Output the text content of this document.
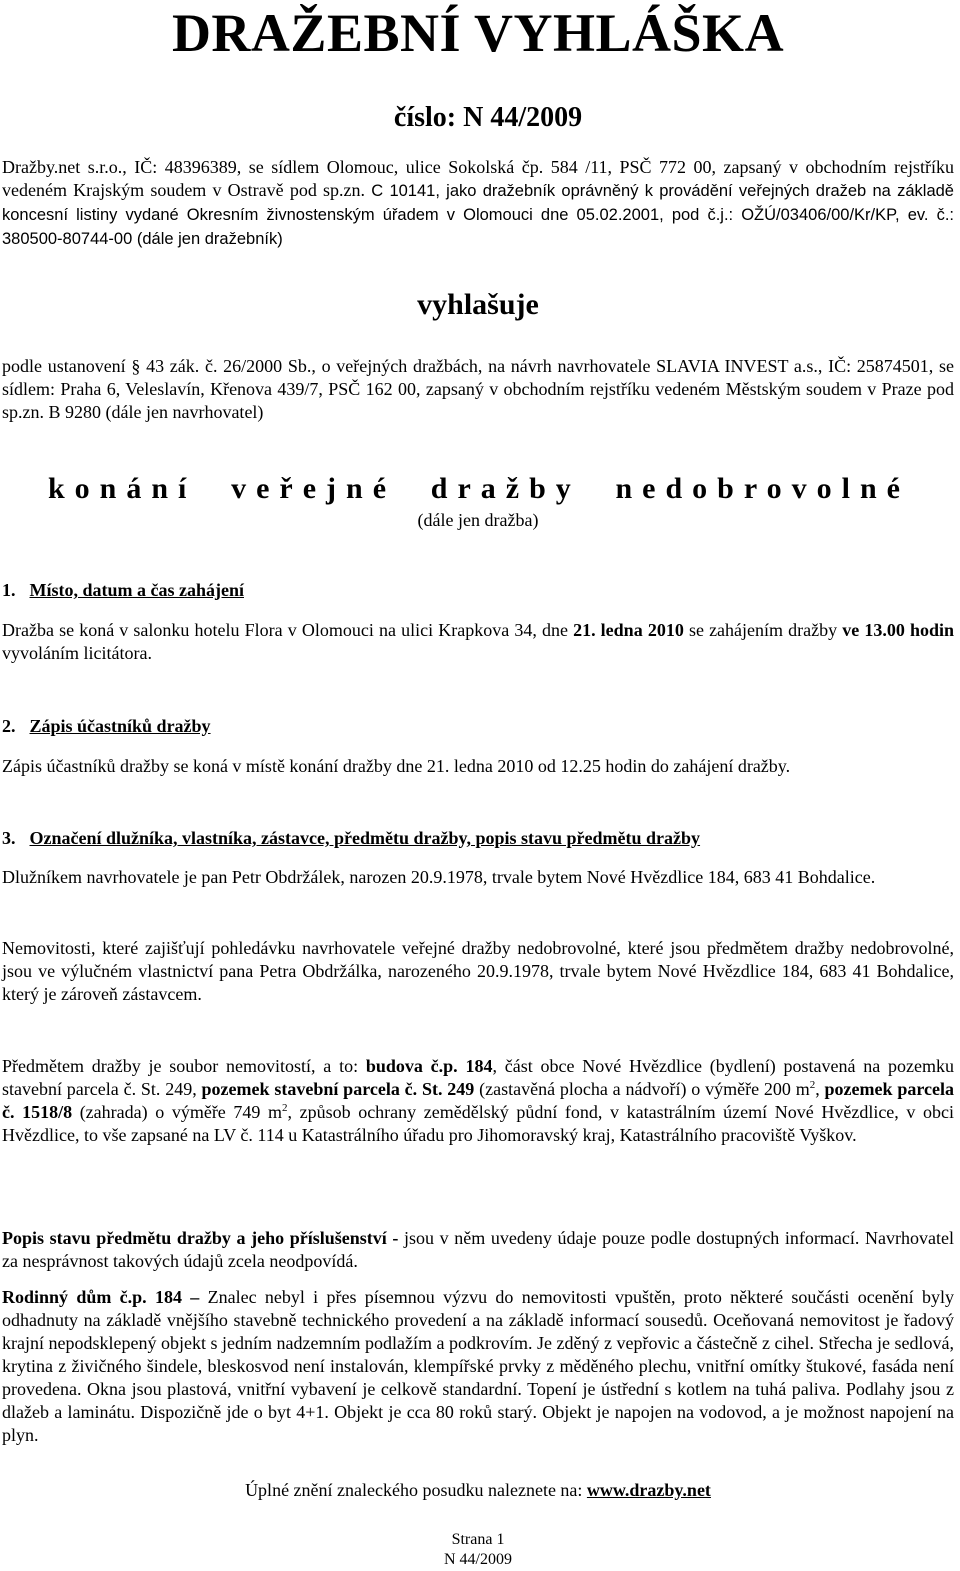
DRAŽEBNÍ VYHLÁŠKA
číslo: N 44/2009
Dražby.net s.r.o., IČ: 48396389, se sídlem Olomouc, ulice Sokolská čp. 584 /11, PSČ 772 00, zapsaný v obchodním rejstříku vedeném Krajským soudem v Ostravě pod sp.zn. C 10141, jako dražebník oprávněný k provádění veřejných dražeb na základě koncesní listiny vydané Okresním živnostenským úřadem v Olomouci dne 05.02.2001, pod č.j.: OŽÚ/03406/00/Kr/KP, ev. č.: 380500-80744-00 (dále jen dražebník)
vyhlašuje
podle ustanovení § 43 zák. č. 26/2000 Sb., o veřejných dražbách, na návrh navrhovatele SLAVIA INVEST a.s., IČ: 25874501, se sídlem: Praha 6, Veleslavín, Křenova 439/7, PSČ 162 00, zapsaný v obchodním rejstříku vedeném Městským soudem v Praze pod sp.zn. B 9280 (dále jen navrhovatel)
konání veřejné dražby nedobrovolné
(dále jen dražba)
1. Místo, datum a čas zahájení
Dražba se koná v salonku hotelu Flora v Olomouci na ulici Krapkova 34, dne 21. ledna 2010 se zahájením dražby ve 13.00 hodin vyvoláním licitátora.
2. Zápis účastníků dražby
Zápis účastníků dražby se koná v místě konání dražby dne 21. ledna 2010 od 12.25 hodin do zahájení dražby.
3. Označení dlužníka, vlastníka, zástavce, předmětu dražby, popis stavu předmětu dražby
Dlužníkem navrhovatele je pan Petr Obdržálek, narozen 20.9.1978, trvale bytem Nové Hvězdlice 184, 683 41 Bohdalice.
Nemovitosti, které zajišťují pohledávku navrhovatele veřejné dražby nedobrovolné, které jsou předmětem dražby nedobrovolné, jsou ve výlučném vlastnictví pana Petra Obdržálka, narozeného 20.9.1978, trvale bytem Nové Hvězdlice 184, 683 41 Bohdalice, který je zároveň zástavcem.
Předmětem dražby je soubor nemovitostí, a to: budova č.p. 184, část obce Nové Hvězdlice (bydlení) postavená na pozemku stavební parcela č. St. 249, pozemek stavební parcela č. St. 249 (zastavěná plocha a nádvoří) o výměře 200 $m^2$, pozemek parcela č. 1518/8 (zahrada) o výměře 749 $m^2$, způsob ochrany zemědělský půdní fond, v katastrálním území Nové Hvězdlice, v obci Hvězdlice, to vše zapsané na LV č. 114 u Katastrálního úřadu pro Jihomoravský kraj, Katastrálního pracoviště Vyškov.
Popis stavu předmětu dražby a jeho příslušenství - jsou v něm uvedeny údaje pouze podle dostupných informací. Navrhovatel za nesprávnost takových údajů zcela neodpovídá.
Rodinný dům č.p. 184 – Znalec nebyl i přes písemnou výzvu do nemovitosti vpuštěn, proto některé součásti ocenění byly odhadnuty na základě vnějšího stavebně technického provedení a na základě informací sousedů. Oceňovaná nemovitost je řadový krajní nepodsklepený objekt s jedním nadzemním podlažím a podkrovím. Je zděný z vepřovic a částečně z cihel. Střecha je sedlová, krytina z živičného šindele, bleskosvod není instalován, klempířské prvky z měděného plechu, vnitřní omítky štukové, fasáda není provedena. Okna jsou plastová, vnitřní vybavení je celkově standardní. Topení je ústřední s kotlem na tuhá paliva. Podlahy jsou z dlažeb a laminátu. Dispozičně jde o byt 4+1. Objekt je cca 80 roků starý. Objekt je napojen na vodovod, a je možnost napojení na plyn.
Úplné znění znaleckého posudku naleznete na: www.drazby.net
Strana 1
N 44/2009
